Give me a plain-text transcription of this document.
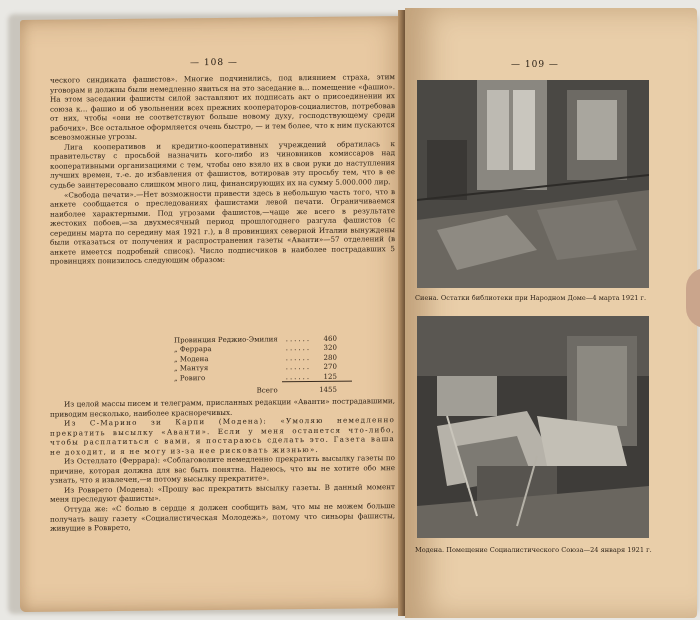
— 108 —

ческого синдиката фашистов». Многие подчинились, под влиянием страха, этим уговорам и должны были немедленно явиться на это заседание в... помещение «фашио». На этом заседании фашисты силой заставляют их подписать акт о присоединении их союза к... фашио и об увольнении всех прежних кооператоров-социалистов, потребовав от них, чтобы «они не соответствуют больше новому духу, господствующему среди рабочих». Все остальное оформляется очень быстро, — и тем более, что к ним пускаются всевозможные угрозы.

Лига кооперативов и кредитно-кооперативных учреждений обратилась к правительству с просьбой назначить кого-либо из чиновников комиссаров над кооперативными организациями с тем, чтобы оно взяло их в свои руки до наступления лучших времен, т.-е. до избавления от фашистов, вотировав эту просьбу тем, что в ее судьбе заинтересовано слишком много лиц, финансирующих их на сумму 5.000.000 лир.

«Свобода печати».—Нет возможности привести здесь в небольшую часть того, что в анкете сообщается о преследованиях фашистами левой печати. Ограничиваемся наиболее характерными. Под угрозами фашистов,—чаще же всего в результате жестоких побоев,—за двухмесячный период прошлогоднего разгула фашистов (с середины марта по середину мая 1921 г.), в 8 провинциях северной Италии вынуждены были отказаться от получения и распространения газеты «Аванти»—57 отделений (в анкете имеется подробный список). Число подписчиков в наиболее пострадавших 5 провинциях понизилось следующим образом:

Провинция Реджио-Эмилия	......	460
„ Феррара	......	320
„ Модена	......	280
„ Мантуя	......	270
„ Ровиго	......	125
Всего		1455

Из целой массы писем и телеграмм, присланных редакции «Аванти» пострадавшими, приводим несколько, наиболее красноречивых.

Из С-Марино зи Карпи (Модена): «Умоляю немедленно прекратить высылку «Аванти». Если у меня останется что-либо, чтобы расплатиться с вами, я постараюсь сделать это. Газета ваша не доходит, и я не могу из-за нее рисковать жизнью».

Из Остеллато (Феррара): «Соблаговолите немедленно прекратить высылку газеты по причине, которая должна для вас быть понятна. Надеюсь, что вы не хотите обо мне узнать, что я извлечен,—и потому высылку прекратите».

Из Ровврето (Модена): «Прошу вас прекратить высылку газеты. В данный момент меня преследуют фашисты».

Оттуда же: «С болью в сердце я должен сообщить вам, что мы не можем больше получать вашу газету «Социалистическая Молодежь», потому что синьоры фашисты, живущие в Ровврето,

— 109 —
Сиена. Остатки библиотеки при Народном Доме—4 марта 1921 г.
Модена. Помещение Социалистического Союза—24 января 1921 г.
